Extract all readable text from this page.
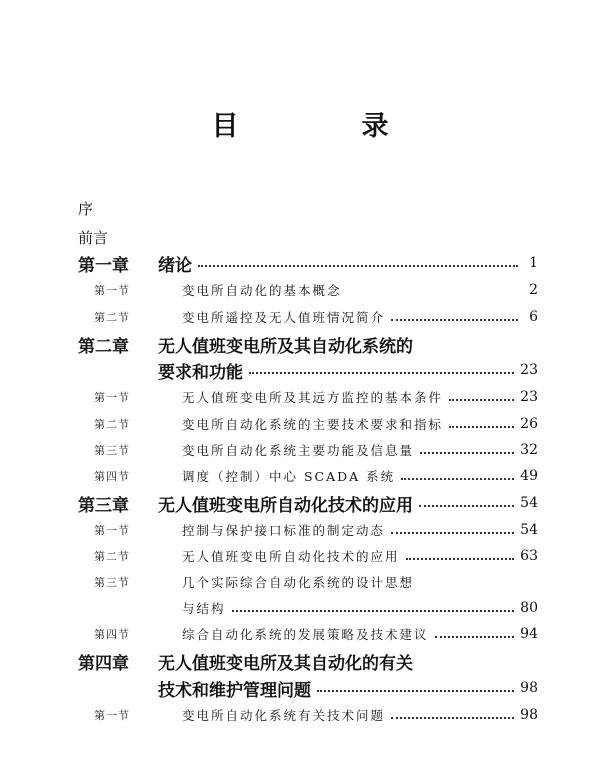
目　录
序
前言
第一章	绪论	1
第一节	变电所自动化的基本概念	2
第二节	变电所遥控及无人值班情况简介	6
第二章	无人值班变电所及其自动化系统的
要求和功能	23
第一节	无人值班变电所及其远方监控的基本条件	23
第二节	变电所自动化系统的主要技术要求和指标	26
第三节	变电所自动化系统主要功能及信息量	32
第四节	调度（控制）中心 SCADA 系统	49
第三章	无人值班变电所自动化技术的应用	54
第一节	控制与保护接口标准的制定动态	54
第二节	无人值班变电所自动化技术的应用	63
第三节	几个实际综合自动化系统的设计思想
与结构	80
第四节	综合自动化系统的发展策略及技术建议	94
第四章	无人值班变电所及其自动化的有关
技术和维护管理问题	98
第一节	变电所自动化系统有关技术问题	98
